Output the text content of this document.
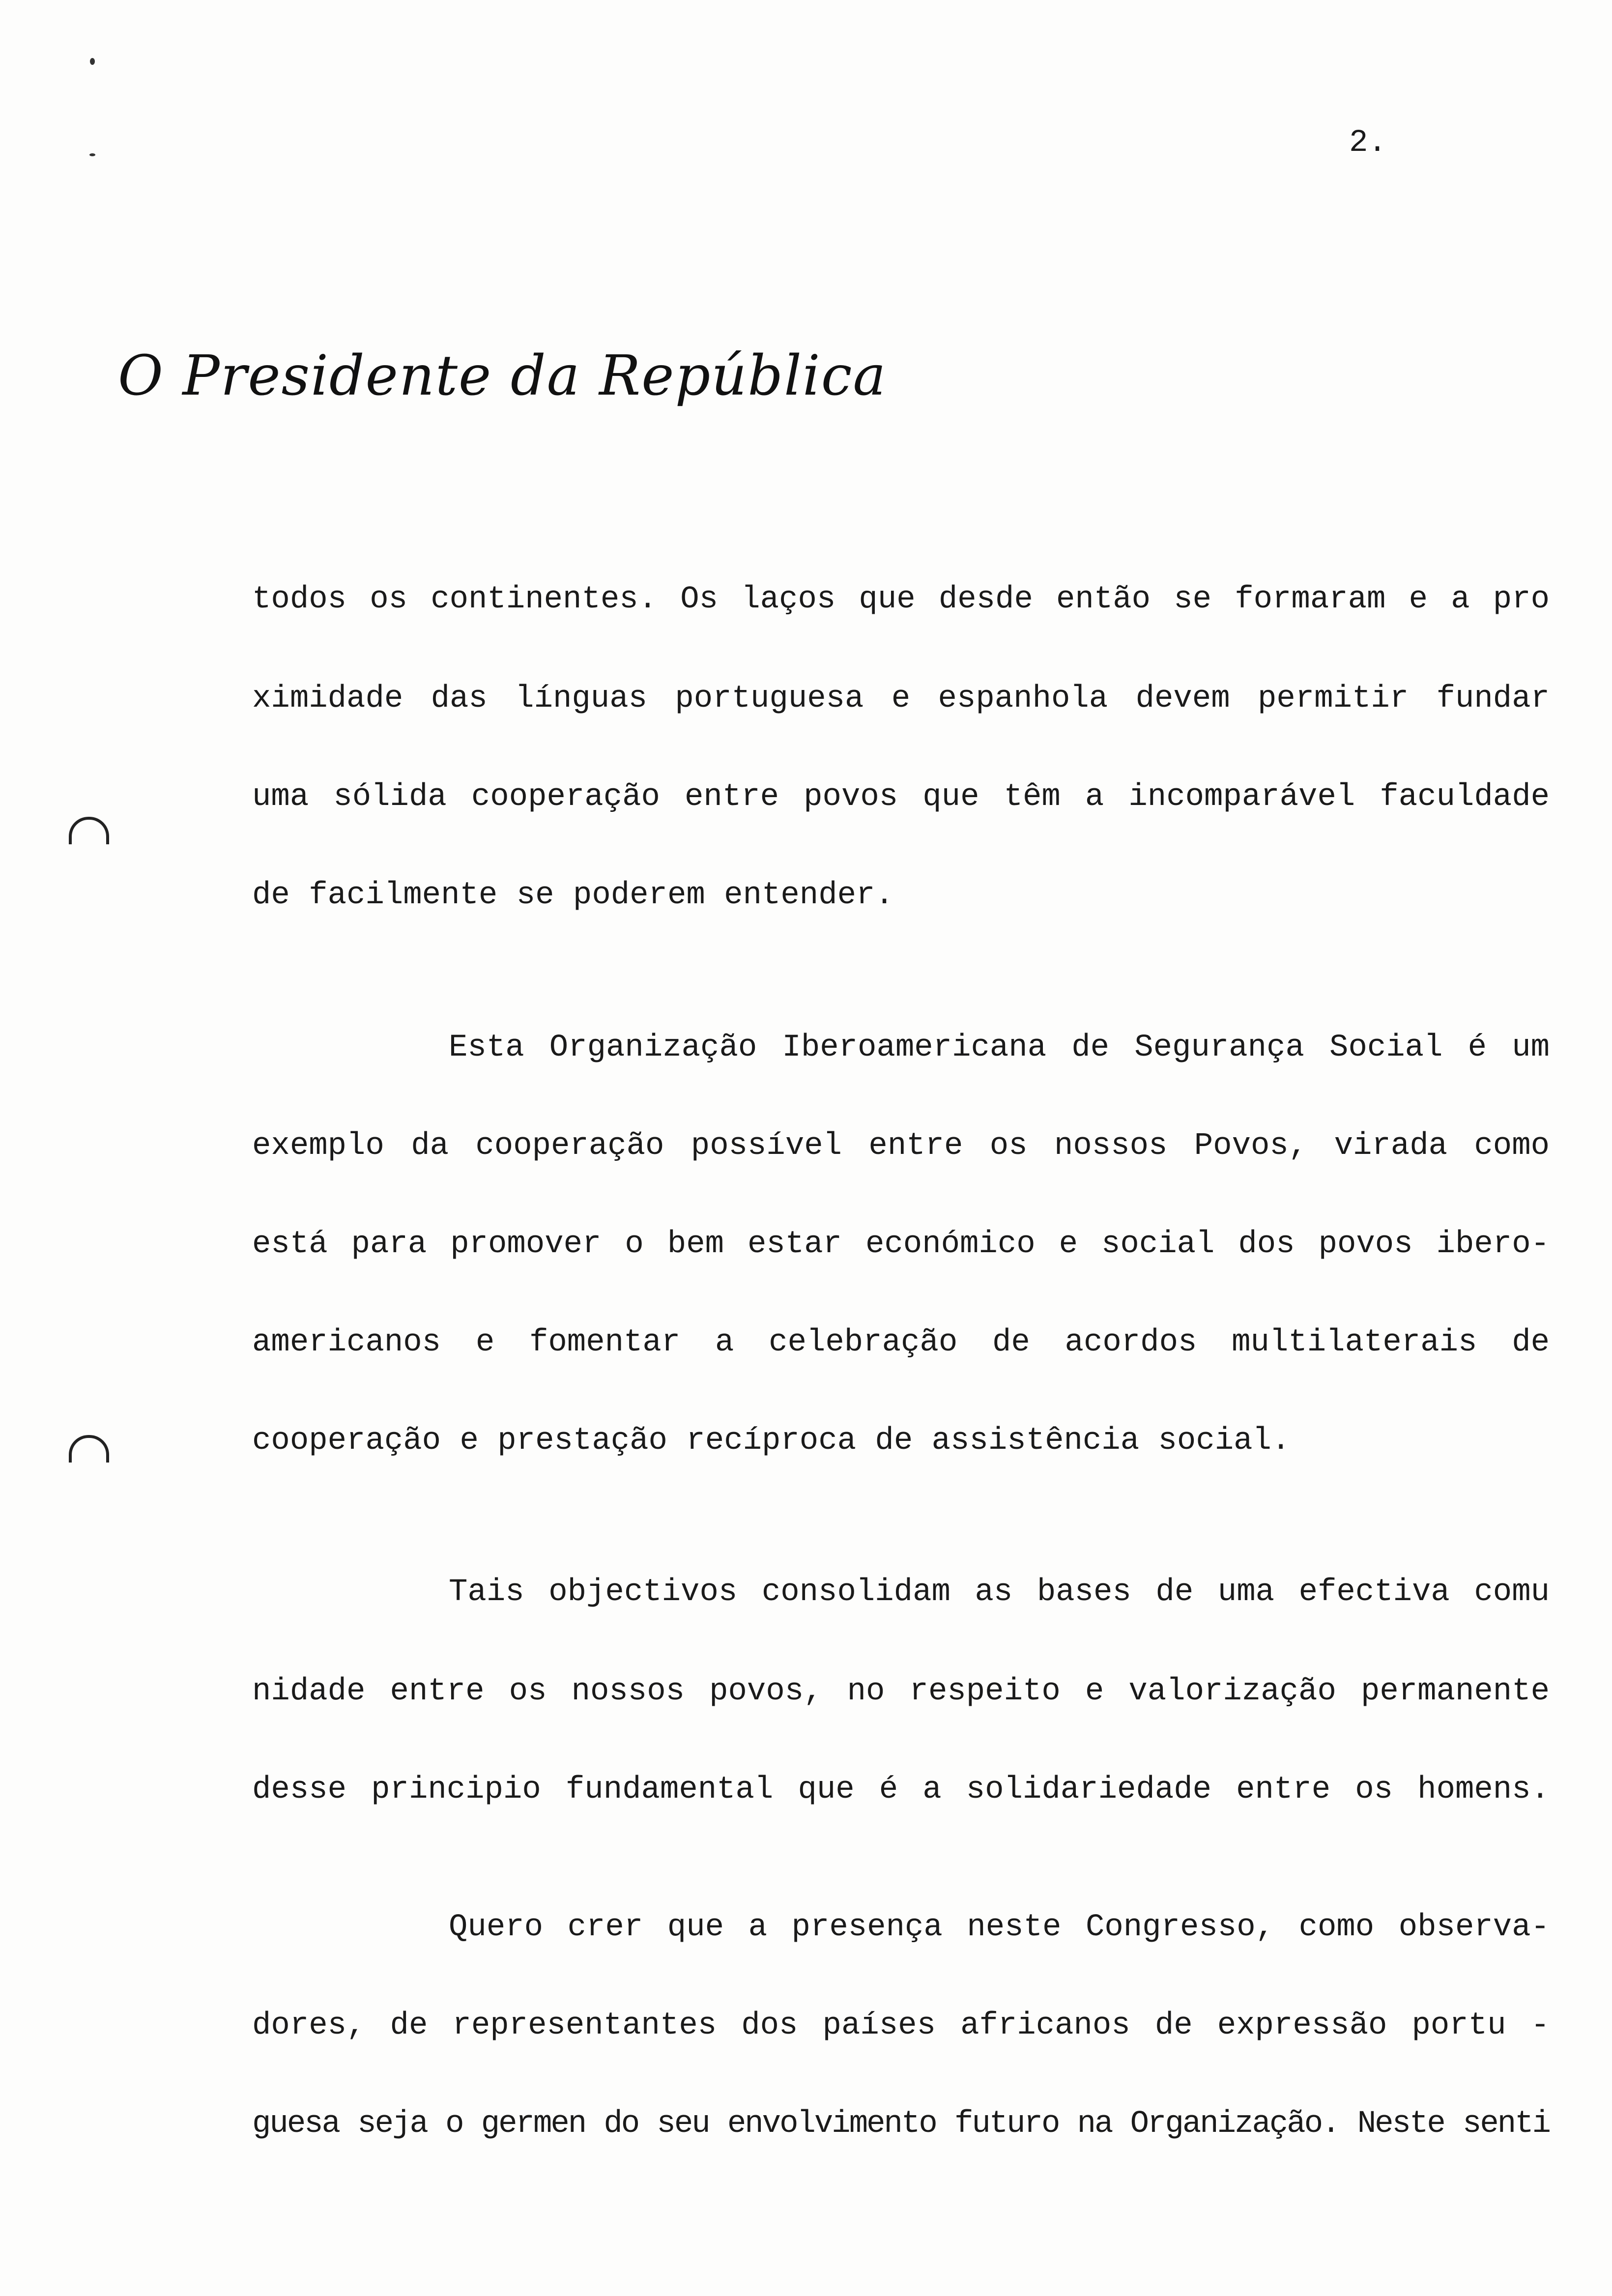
2.
O Presidente da República
todos os continentes. Os laços que desde então se formaram e a pro
ximidade das línguas portuguesa e espanhola devem permitir fundar
uma sólida cooperação entre povos que têm a incomparável faculdade
de facilmente se poderem entender.
Esta Organização Iberoamericana de Segurança Social é um
exemplo da cooperação possível entre os nossos Povos, virada como
está para promover o bem estar económico e social dos povos ibero-
americanos e fomentar a celebração de acordos multilaterais de
cooperação e prestação recíproca de assistência social.
Tais objectivos consolidam as bases de uma efectiva comu
nidade entre os nossos povos, no respeito e valorização permanente
desse principio fundamental que é a solidariedade entre os homens.
Quero crer que a presença neste Congresso, como observa-
dores, de representantes dos países africanos de expressão portu -
guesa seja o germen do seu envolvimento futuro na Organização. Neste senti
